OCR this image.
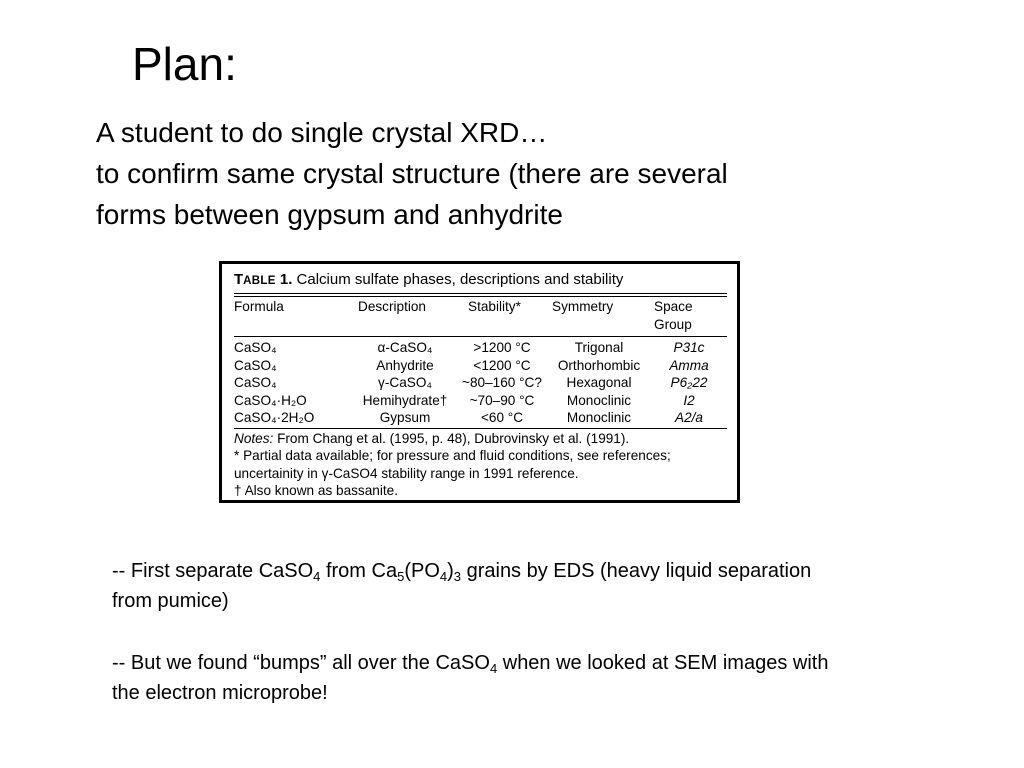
Plan:
A student to do single crystal XRD…
to confirm same crystal structure (there are several
forms between gypsum and anhydrite
TABLE 1. Calcium sulfate phases, descriptions and stability
Formula	Description	Stability*	Symmetry	Space
Group
CaSO₄	α-CaSO₄	>1200 °C	Trigonal	P31c
CaSO₄	Anhydrite	<1200 °C	Orthorhombic	Amma
CaSO₄	γ-CaSO₄	~80–160 °C?	Hexagonal	P6₂22
CaSO₄·H₂O	Hemihydrate†	~70–90 °C	Monoclinic	I2
CaSO₄·2H₂O	Gypsum	<60 °C	Monoclinic	A2/a
Notes: From Chang et al. (1995, p. 48), Dubrovinsky et al. (1991).
* Partial data available; for pressure and fluid conditions, see references;
uncertainity in γ-CaSO4 stability range in 1991 reference.
† Also known as bassanite.

-- First separate CaSO$_4$ from $Ca_5(PO_4)_3$ grains by EDS (heavy liquid separation from pumice)

-- But we found “bumps” all over the CaSO$_4$ when we looked at SEM images with the electron microprobe!
